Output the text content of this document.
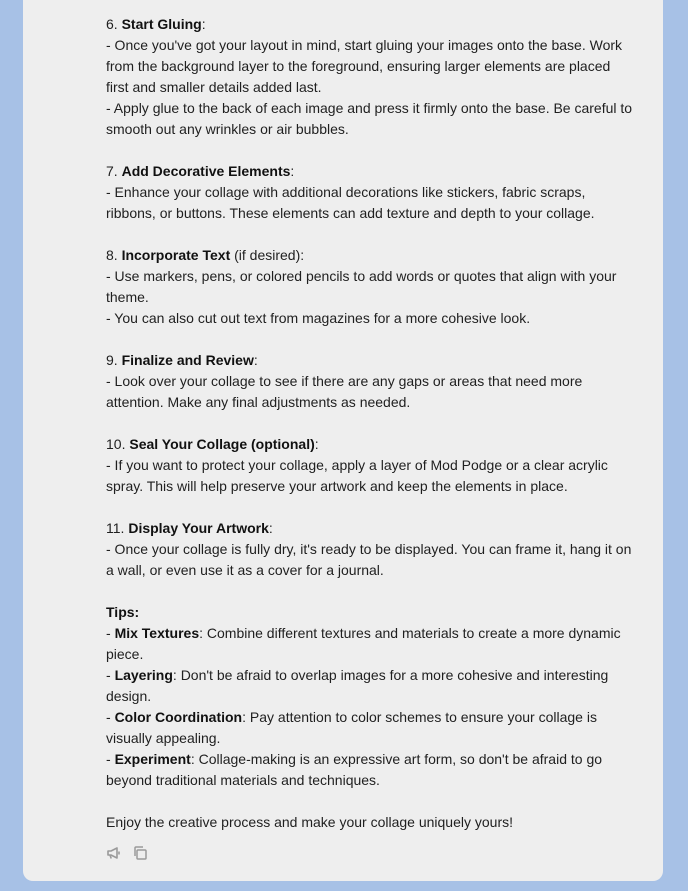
6. Start Gluing:
- Once you've got your layout in mind, start gluing your images onto the base. Work from the background layer to the foreground, ensuring larger elements are placed first and smaller details added last.
- Apply glue to the back of each image and press it firmly onto the base. Be careful to smooth out any wrinkles or air bubbles.
7. Add Decorative Elements:
- Enhance your collage with additional decorations like stickers, fabric scraps, ribbons, or buttons. These elements can add texture and depth to your collage.
8. Incorporate Text (if desired):
- Use markers, pens, or colored pencils to add words or quotes that align with your theme.
- You can also cut out text from magazines for a more cohesive look.
9. Finalize and Review:
- Look over your collage to see if there are any gaps or areas that need more attention. Make any final adjustments as needed.
10. Seal Your Collage (optional):
- If you want to protect your collage, apply a layer of Mod Podge or a clear acrylic spray. This will help preserve your artwork and keep the elements in place.
11. Display Your Artwork:
- Once your collage is fully dry, it's ready to be displayed. You can frame it, hang it on a wall, or even use it as a cover for a journal.
Tips:
- Mix Textures: Combine different textures and materials to create a more dynamic piece.
- Layering: Don't be afraid to overlap images for a more cohesive and interesting design.
- Color Coordination: Pay attention to color schemes to ensure your collage is visually appealing.
- Experiment: Collage-making is an expressive art form, so don't be afraid to go beyond traditional materials and techniques.
Enjoy the creative process and make your collage uniquely yours!
